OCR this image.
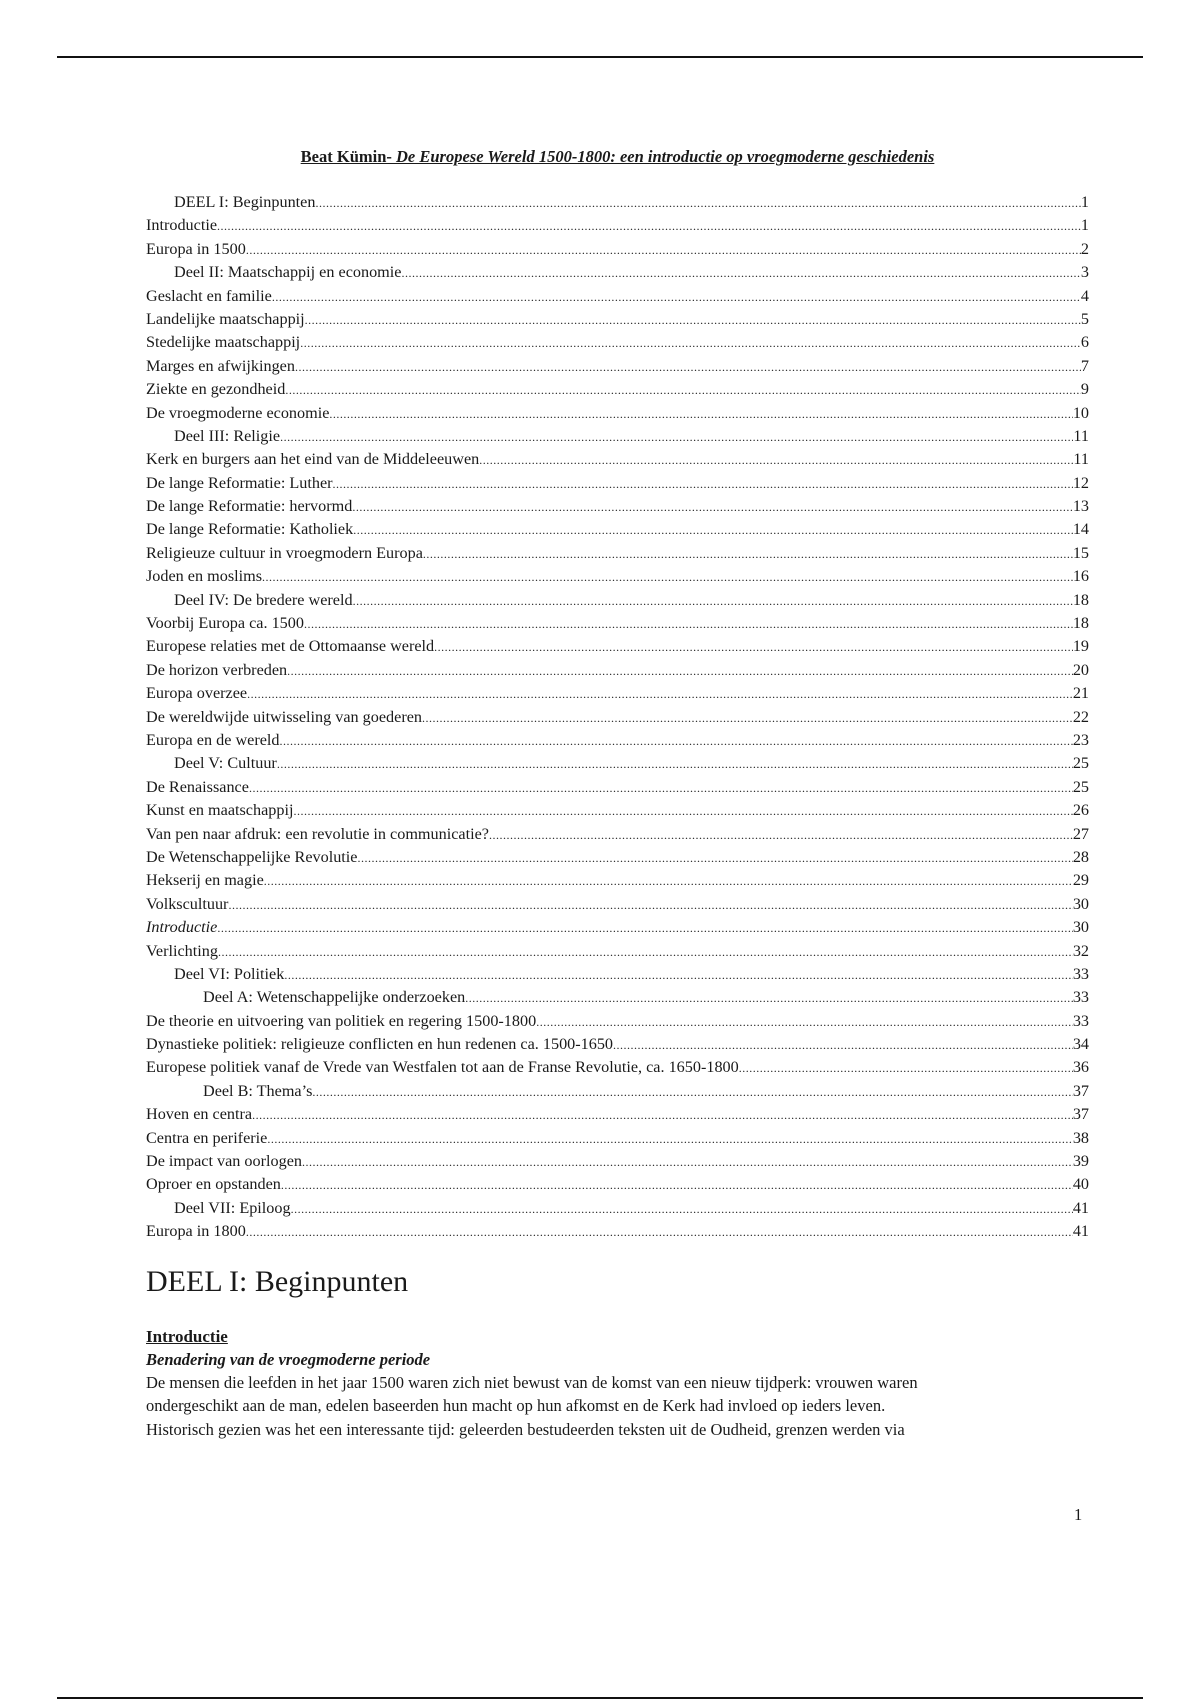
Beat Kümin- De Europese Wereld 1500-1800: een introductie op vroegmoderne geschiedenis

DEEL I: Beginpunten .....	1
Introductie .....	1
Europa in 1500 .....	2
Deel II: Maatschappij en economie .....	3
Geslacht en familie .....	4
Landelijke maatschappij .....	5
Stedelijke maatschappij .....	6
Marges en afwijkingen .....	7
Ziekte en gezondheid .....	9
De vroegmoderne economie .....	10
Deel III: Religie .....	11
Kerk en burgers aan het eind van de Middeleeuwen .....	11
De lange Reformatie: Luther .....	12
De lange Reformatie: hervormd .....	13
De lange Reformatie: Katholiek .....	14
Religieuze cultuur in vroegmodern Europa .....	15
Joden en moslims .....	16
Deel IV: De bredere wereld .....	18
Voorbij Europa ca. 1500 .....	18
Europese relaties met de Ottomaanse wereld .....	19
De horizon verbreden .....	20
Europa overzee .....	21
De wereldwijde uitwisseling van goederen .....	22
Europa en de wereld .....	23
Deel V: Cultuur .....	25
De Renaissance .....	25
Kunst en maatschappij .....	26
Van pen naar afdruk: een revolutie in communicatie? .....	27
De Wetenschappelijke Revolutie .....	28
Hekserij en magie .....	29
Volkscultuur .....	30
Introductie .....	30
Verlichting .....	32
Deel VI: Politiek .....	33
Deel A: Wetenschappelijke onderzoeken .....	33
De theorie en uitvoering van politiek en regering 1500-1800 .....	33
Dynastieke politiek: religieuze conflicten en hun redenen ca. 1500-1650 .....	34
Europese politiek vanaf de Vrede van Westfalen tot aan de Franse Revolutie, ca. 1650-1800 .....	36
Deel B: Thema’s .....	37
Hoven en centra .....	37
Centra en periferie .....	38
De impact van oorlogen .....	39
Oproer en opstanden .....	40
Deel VII: Epiloog .....	41
Europa in 1800 .....	41
DEEL I: Beginpunten
Introductie
Benadering van de vroegmoderne periode

De mensen die leefden in het jaar 1500 waren zich niet bewust van de komst van een nieuw tijdperk: vrouwen waren
ondergeschikt aan de man, edelen baseerden hun macht op hun afkomst en de Kerk had invloed op ieders leven.
Historisch gezien was het een interessante tijd: geleerden bestudeerden teksten uit de Oudheid, grenzen werden via

1
